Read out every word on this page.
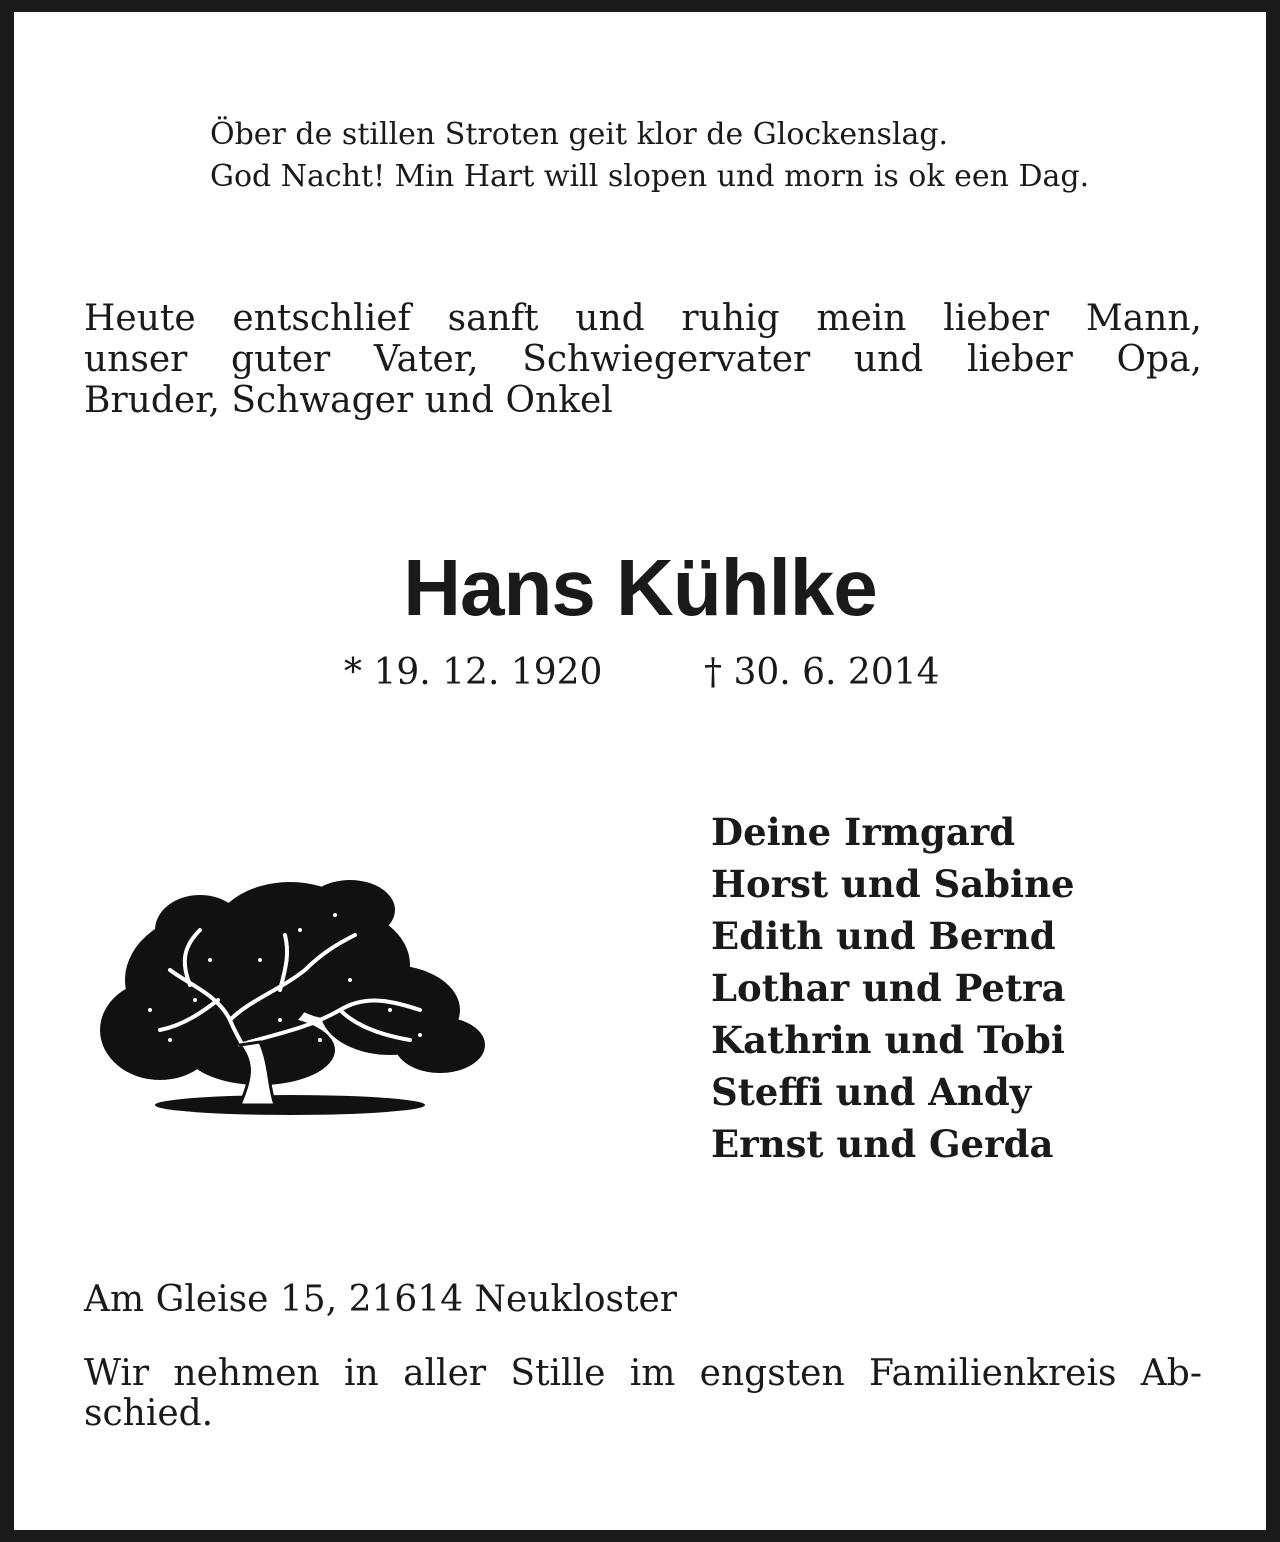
Öber de stillen Stroten geit klor de Glockenslag.
God Nacht! Min Hart will slopen und morn is ok een Dag.
Heute entschlief sanft und ruhig mein lieber Mann,
unser guter Vater, Schwiegervater und lieber Opa,
Bruder, Schwager und Onkel
Hans Kühlke
* 19. 12. 1920	† 30. 6. 2014
Deine Irmgard
Horst und Sabine
Edith und Bernd
Lothar und Petra
Kathrin und Tobi
Steffi und Andy
Ernst und Gerda
Am Gleise 15, 21614 Neukloster
Wir nehmen in aller Stille im engsten Familienkreis Ab-
schied.
